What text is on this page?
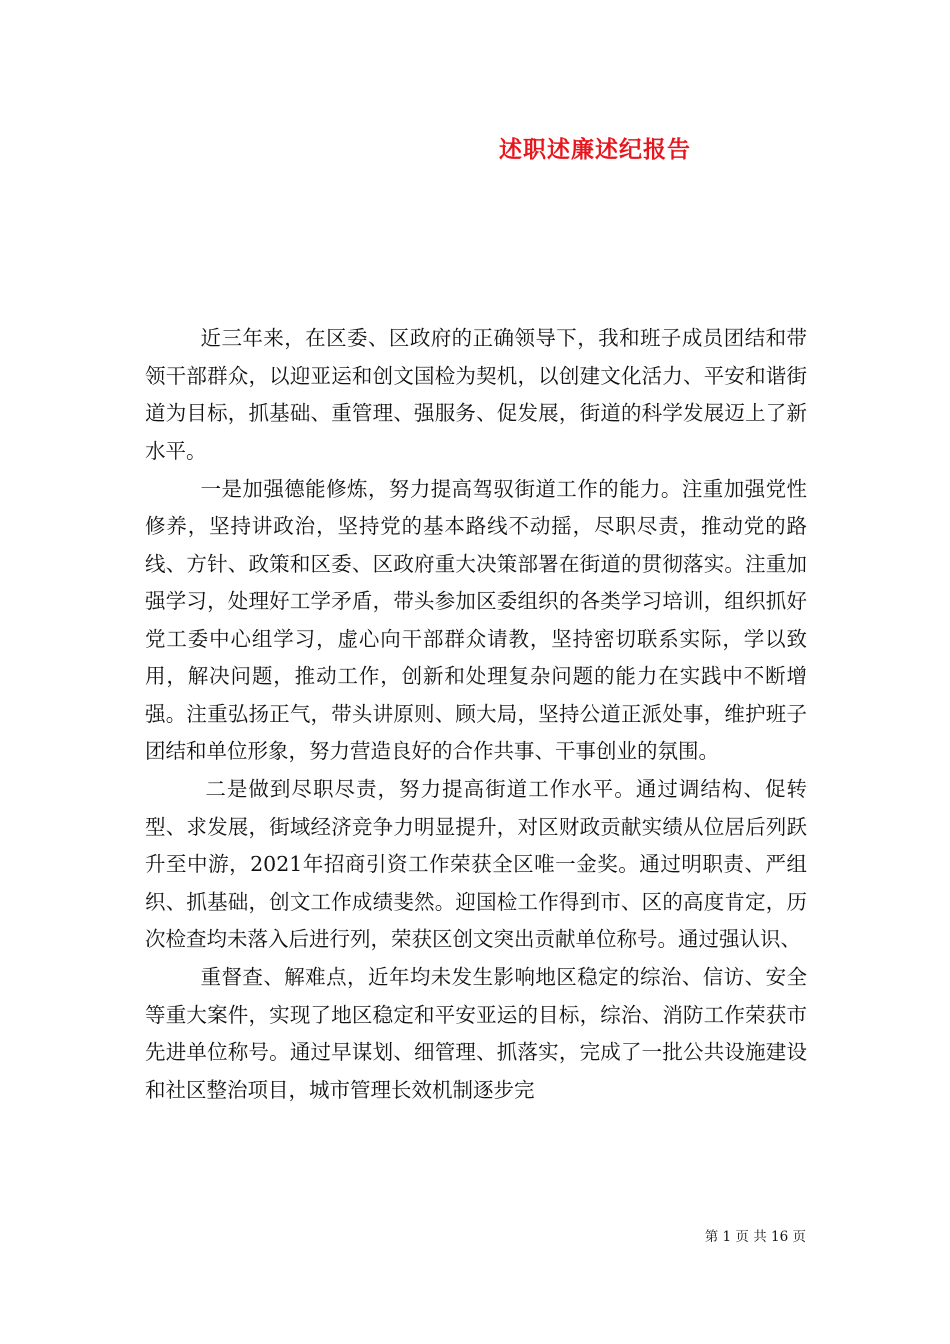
述职述廉述纪报告

近三年来，在区委、区政府的正确领导下，我和班子成员团结和带领干部群众，以迎亚运和创文国检为契机，以创建文化活力、平安和谐街道为目标，抓基础、重管理、强服务、促发展，街道的科学发展迈上了新水平。

一是加强德能修炼，努力提高驾驭街道工作的能力。注重加强党性修养，坚持讲政治，坚持党的基本路线不动摇，尽职尽责，推动党的路线、方针、政策和区委、区政府重大决策部署在街道的贯彻落实。注重加强学习，处理好工学矛盾，带头参加区委组织的各类学习培训，组织抓好党工委中心组学习，虚心向干部群众请教，坚持密切联系实际，学以致用，解决问题，推动工作，创新和处理复杂问题的能力在实践中不断增强。注重弘扬正气，带头讲原则、顾大局，坚持公道正派处事，维护班子团结和单位形象，努力营造良好的合作共事、干事创业的氛围。

二是做到尽职尽责，努力提高街道工作水平。通过调结构、促转型、求发展，街域经济竞争力明显提升，对区财政贡献实绩从位居后列跃升至中游，2021年招商引资工作荣获全区唯一金奖。通过明职责、严组织、抓基础，创文工作成绩斐然。迎国检工作得到市、区的高度肯定，历次检查均未落入后进行列，荣获区创文突出贡献单位称号。通过强认识、

重督查、解难点，近年均未发生影响地区稳定的综治、信访、安全等重大案件，实现了地区稳定和平安亚运的目标，综治、消防工作荣获市先进单位称号。通过早谋划、细管理、抓落实，完成了一批公共设施建设和社区整治项目，城市管理长效机制逐步完

第 1 页 共 16 页
